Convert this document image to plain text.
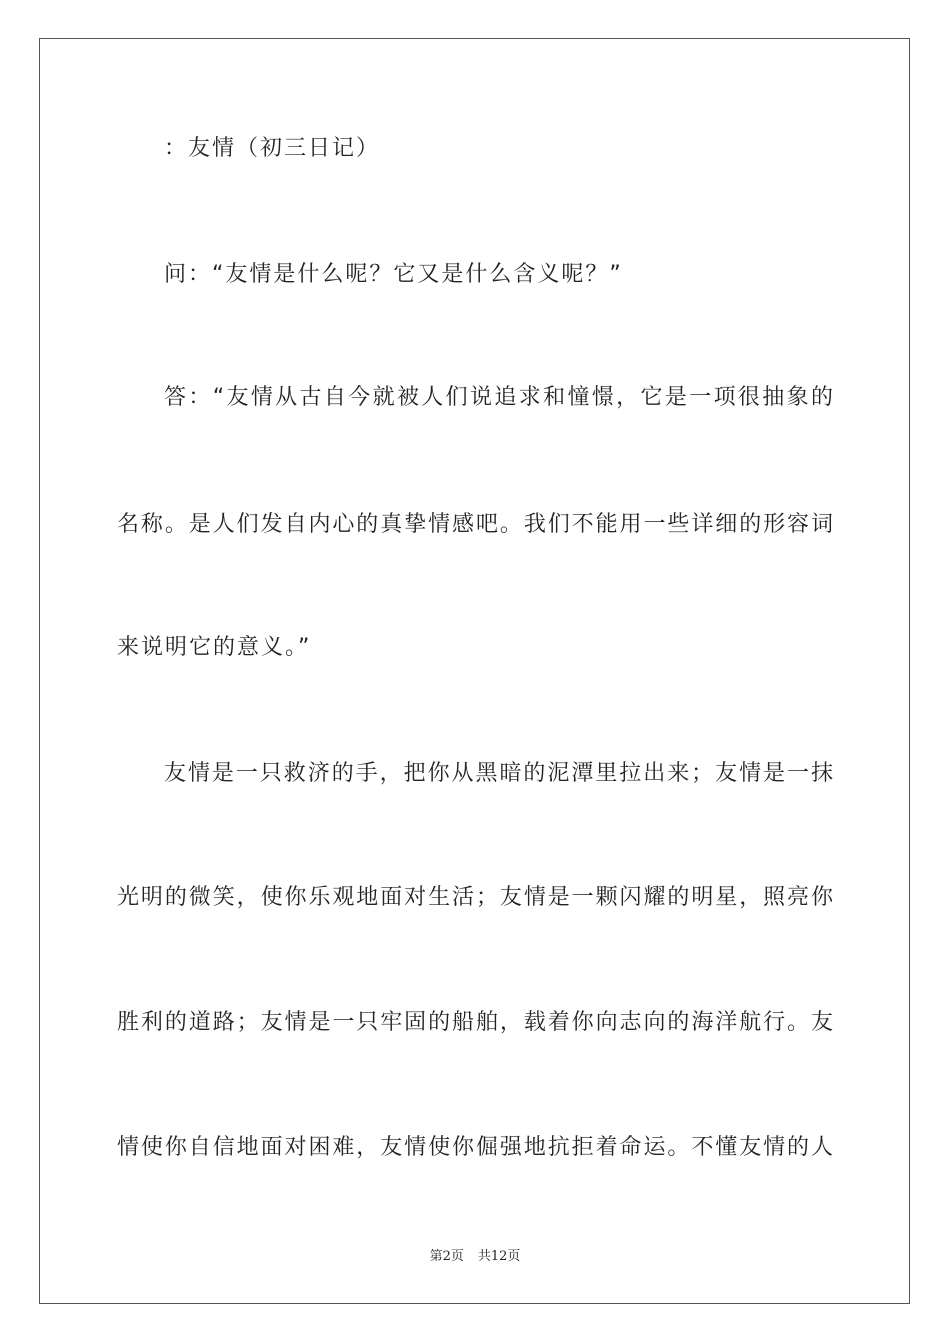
：友情（初三日记）
问：“友情是什么呢？它又是什么含义呢？”
答：“友情从古自今就被人们说追求和憧憬，它是一项很抽象的
名称。是人们发自内心的真挚情感吧。我们不能用一些详细的形容词
来说明它的意义。”
友情是一只救济的手，把你从黑暗的泥潭里拉出来；友情是一抹
光明的微笑，使你乐观地面对生活；友情是一颗闪耀的明星，照亮你
胜利的道路；友情是一只牢固的船舶，载着你向志向的海洋航行。友
情使你自信地面对困难，友情使你倔强地抗拒着命运。不懂友情的人
第2页 共12页
